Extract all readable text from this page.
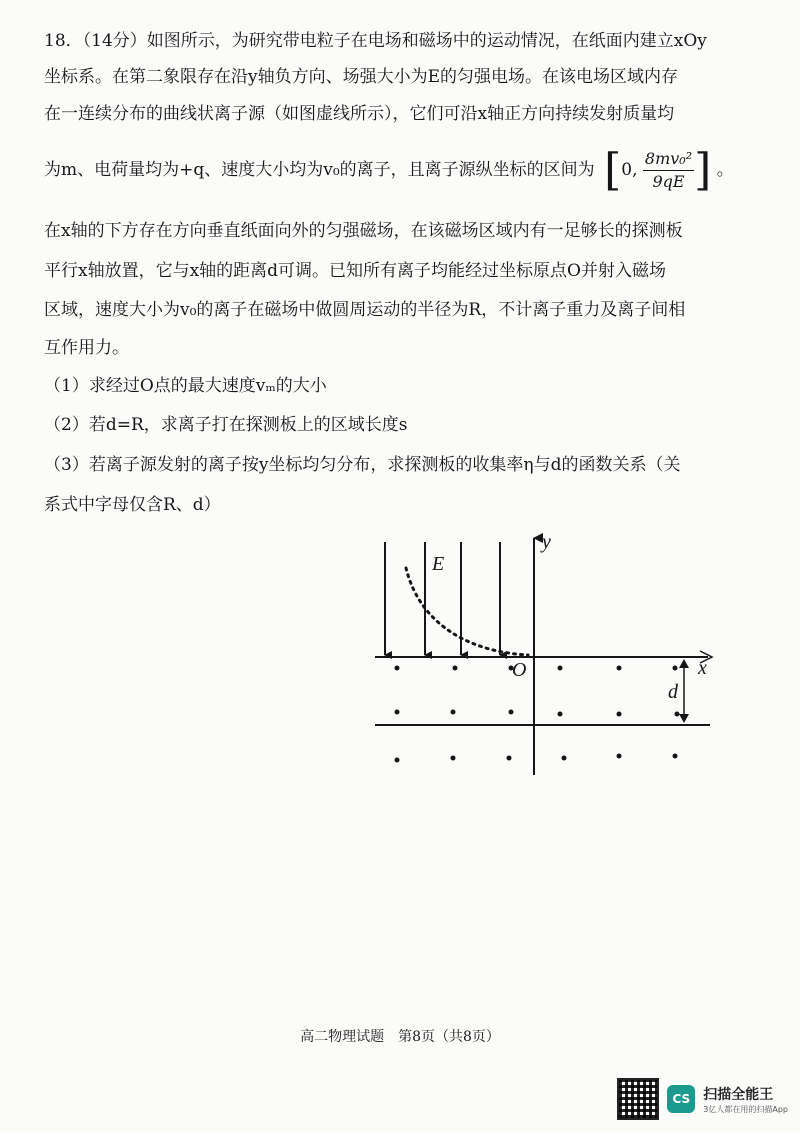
18．（14分）如图所示，为研究带电粒子在电场和磁场中的运动情况，在纸面内建立xOy
坐标系。在第二象限存在沿y轴负方向、场强大小为E的匀强电场。在该电场区域内存
在一连续分布的曲线状离子源（如图虚线所示），它们可沿x轴正方向持续发射质量均
为m、电荷量均为+q、速度大小均为v₀的离子，且离子源纵坐标的区间为 [0, $\frac{\text{8mv₀²}}{9qE}$ ] 。
在x轴的下方存在方向垂直纸面向外的匀强磁场，在该磁场区域内有一足够长的探测板
平行x轴放置，它与x轴的距离d可调。已知所有离子均能经过坐标原点O并射入磁场
区域，速度大小为v₀的离子在磁场中做圆周运动的半径为R，不计离子重力及离子间相
互作用力。
（1）求经过O点的最大速度vₘ的大小
（2）若d=R，求离子打在探测板上的区域长度s
（3）若离子源发射的离子按y坐标均匀分布，求探测板的收集率η与d的函数关系（关
系式中字母仅含R、d）
E
y
x
O
d
高二物理试题　第8页（共8页）
CS 扫描全能王
3亿人都在用的扫描App
